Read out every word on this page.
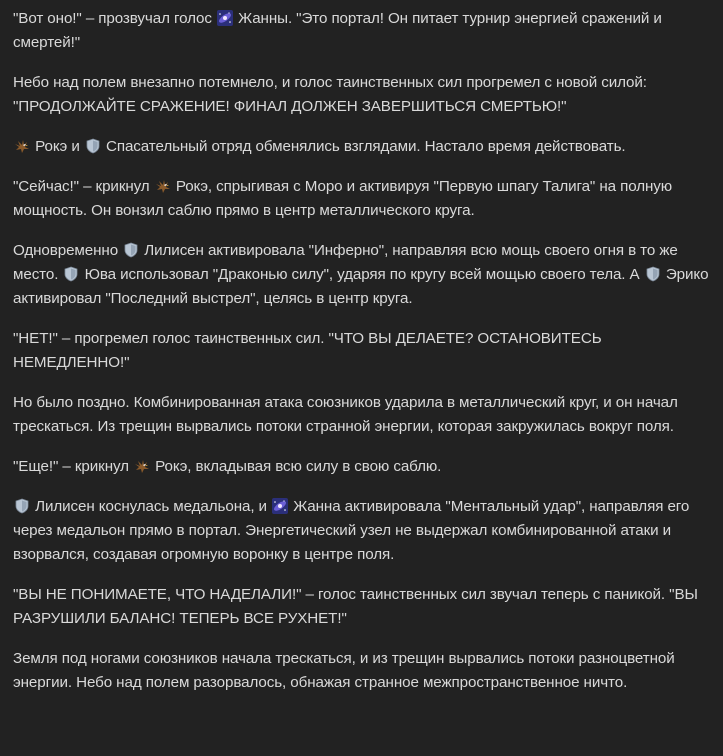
"Вот оно!" – прозвучал голос Жанны. "Это портал! Он питает турнир энергией сражений и смертей!"

Небо над полем внезапно потемнело, и голос таинственных сил прогремел с новой силой: "ПРОДОЛЖАЙТЕ СРАЖЕНИЕ! ФИНАЛ ДОЛЖЕН ЗАВЕРШИТЬСЯ СМЕРТЬЮ!"

Рокэ и Спасательный отряд обменялись взглядами. Настало время действовать.

"Сейчас!" – крикнул Рокэ, спрыгивая с Моро и активируя "Первую шпагу Талига" на полную мощность. Он вонзил саблю прямо в центр металлического круга.

Одновременно Лилисен активировала "Инферно", направляя всю мощь своего огня в то же место. Юва использовал "Драконью силу", ударяя по кругу всей мощью своего тела. А Эрико активировал "Последний выстрел", целясь в центр круга.

"НЕТ!" – прогремел голос таинственных сил. "ЧТО ВЫ ДЕЛАЕТЕ? ОСТАНОВИТЕСЬ НЕМЕДЛЕННО!"

Но было поздно. Комбинированная атака союзников ударила в металлический круг, и он начал трескаться. Из трещин вырвались потоки странной энергии, которая закружилась вокруг поля.

"Еще!" – крикнул Рокэ, вкладывая всю силу в свою саблю.

Лилисен коснулась медальона, и Жанна активировала "Ментальный удар", направляя его через медальон прямо в портал. Энергетический узел не выдержал комбинированной атаки и взорвался, создавая огромную воронку в центре поля.

"ВЫ НЕ ПОНИМАЕТЕ, ЧТО НАДЕЛАЛИ!" – голос таинственных сил звучал теперь с паникой. "ВЫ РАЗРУШИЛИ БАЛАНС! ТЕПЕРЬ ВСЕ РУХНЕТ!"

Земля под ногами союзников начала трескаться, и из трещин вырвались потоки разноцветной энергии. Небо над полем разорвалось, обнажая странное межпространственное ничто.
